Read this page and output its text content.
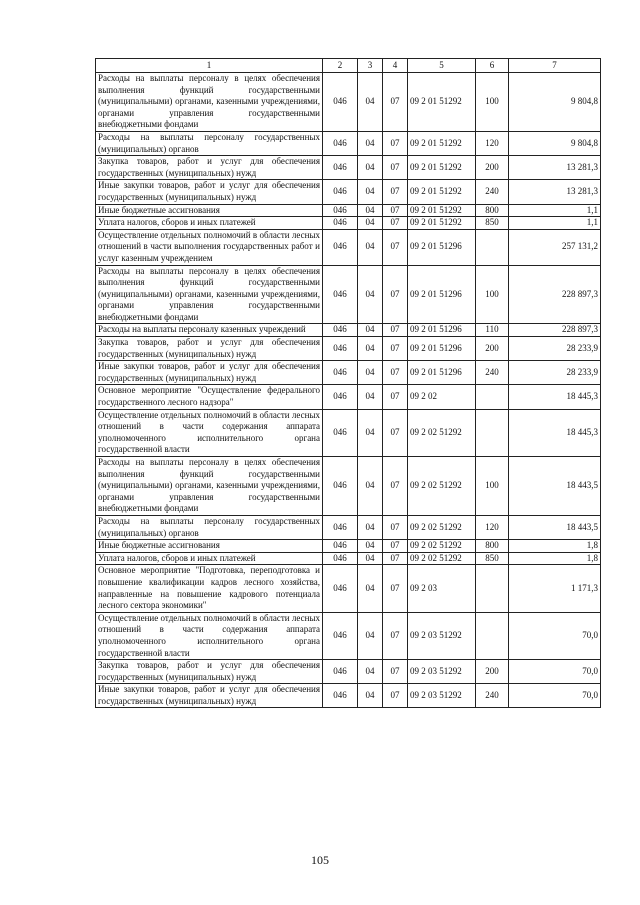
1	2	3	4	5	6	7
Расходы на выплаты персоналу в целях обеспечения выполнения функций государственными (муниципальными) органами, казенными учреждениями, органами управления государственными внебюджетными фондами	046	04	07	09 2 01 51292	100	9 804,8
Расходы на выплаты персоналу государственных (муниципальных) органов	046	04	07	09 2 01 51292	120	9 804,8
Закупка товаров, работ и услуг для обеспечения государственных (муниципальных) нужд	046	04	07	09 2 01 51292	200	13 281,3
Иные закупки товаров, работ и услуг для обеспечения государственных (муниципальных) нужд	046	04	07	09 2 01 51292	240	13 281,3
Иные бюджетные ассигнования	046	04	07	09 2 01 51292	800	1,1
Уплата налогов, сборов и иных платежей	046	04	07	09 2 01 51292	850	1,1
Осуществление отдельных полномочий в области лесных отношений в части выполнения государственных работ и услуг казенным учреждением	046	04	07	09 2 01 51296		257 131,2
Расходы на выплаты персоналу в целях обеспечения выполнения функций государственными (муниципальными) органами, казенными учреждениями, органами управления государственными внебюджетными фондами	046	04	07	09 2 01 51296	100	228 897,3
Расходы на выплаты персоналу казенных учреждений	046	04	07	09 2 01 51296	110	228 897,3
Закупка товаров, работ и услуг для обеспечения государственных (муниципальных) нужд	046	04	07	09 2 01 51296	200	28 233,9
Иные закупки товаров, работ и услуг для обеспечения государственных (муниципальных) нужд	046	04	07	09 2 01 51296	240	28 233,9
Основное мероприятие "Осуществление федерального государственного лесного надзора"	046	04	07	09 2 02		18 445,3
Осуществление отдельных полномочий в области лесных отношений в части содержания аппарата уполномоченного исполнительного органа государственной власти	046	04	07	09 2 02 51292		18 445,3
Расходы на выплаты персоналу в целях обеспечения выполнения функций государственными (муниципальными) органами, казенными учреждениями, органами управления государственными внебюджетными фондами	046	04	07	09 2 02 51292	100	18 443,5
Расходы на выплаты персоналу государственных (муниципальных) органов	046	04	07	09 2 02 51292	120	18 443,5
Иные бюджетные ассигнования	046	04	07	09 2 02 51292	800	1,8
Уплата налогов, сборов и иных платежей	046	04	07	09 2 02 51292	850	1,8
Основное мероприятие "Подготовка, переподготовка и повышение квалификации кадров лесного хозяйства, направленные на повышение кадрового потенциала лесного сектора экономики"	046	04	07	09 2 03		1 171,3
Осуществление отдельных полномочий в области лесных отношений в части содержания аппарата уполномоченного исполнительного органа государственной власти	046	04	07	09 2 03 51292		70,0
Закупка товаров, работ и услуг для обеспечения государственных (муниципальных) нужд	046	04	07	09 2 03 51292	200	70,0
Иные закупки товаров, работ и услуг для обеспечения государственных (муниципальных) нужд	046	04	07	09 2 03 51292	240	70,0
105
